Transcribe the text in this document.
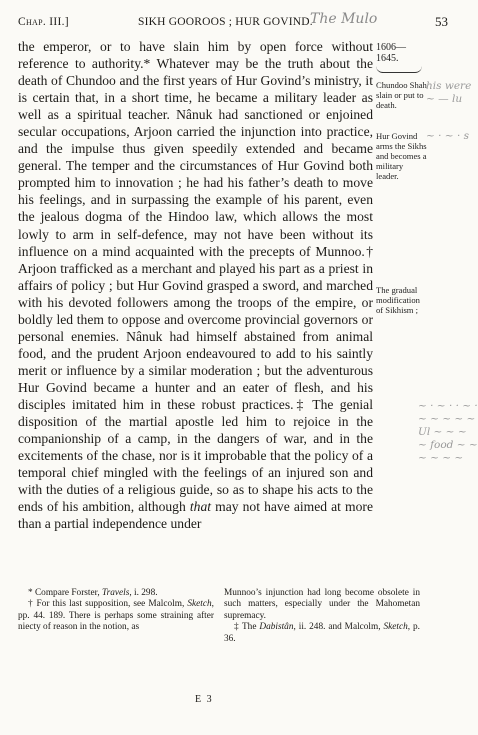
Chap. III.]	SIKH GOOROOS ; HUR GOVIND.
The Mulo	53

the emperor, or to have slain him by open force without reference to authority.* Whatever may be the truth about the death of Chundoo and the first years of Hur Govind’s ministry, it is certain that, in a short time, he became a military leader as well as a spiritual teacher. Nânuk had sanctioned or enjoined secular occupations, Arjoon carried the injunction into practice, and the impulse thus given speedily extended and became general. The temper and the circumstances of Hur Govind both prompted him to innovation ; he had his father’s death to move his feelings, and in surpassing the example of his parent, even the jealous dogma of the Hindoo law, which allows the most lowly to arm in self-defence, may not have been without its influence on a mind acquainted with the precepts of Munnoo.† Arjoon trafficked as a merchant and played his part as a priest in affairs of policy ; but Hur Govind grasped a sword, and marched with his devoted followers among the troops of the empire, or boldly led them to oppose and overcome provincial governors or personal enemies. Nânuk had himself abstained from animal food, and the prudent Arjoon endeavoured to add to his saintly merit or influence by a similar moderation ; but the adventurous Hur Govind became a hunter and an eater of flesh, and his disciples imitated him in these robust practices.‡ The genial disposition of the martial apostle led him to rejoice in the companionship of a camp, in the dangers of war, and in the excitements of the chase, nor is it improbable that the policy of a temporal chief mingled with the feelings of an injured son and with the duties of a religious guide, so as to shape his acts to the ends of his ambition, although that may not have aimed at more than a partial independence under

1606—1645.
Chundoo Shah slain or put to death.
Hur Govind arms the Sikhs and becomes a military leader.
The gradual modification of Sikhism ;
his were ~ — lu
~ · ~ · s
~ · ~ · · ~ · ~ ~ ~ ~ ~ Ul ~ ~ ~ ~ food ~ ~ ~ ~ ~ ~

* Compare Forster, Travels, i. 298.

† For this last supposition, see Malcolm, Sketch, pp. 44. 189. There is perhaps some straining after niecty of reason in the notion, as

Munnoo’s injunction had long become obsolete in such matters, especially under the Mahometan supremacy.

‡ The Dabistân, ii. 248. and Malcolm, Sketch, p. 36.

E 3
